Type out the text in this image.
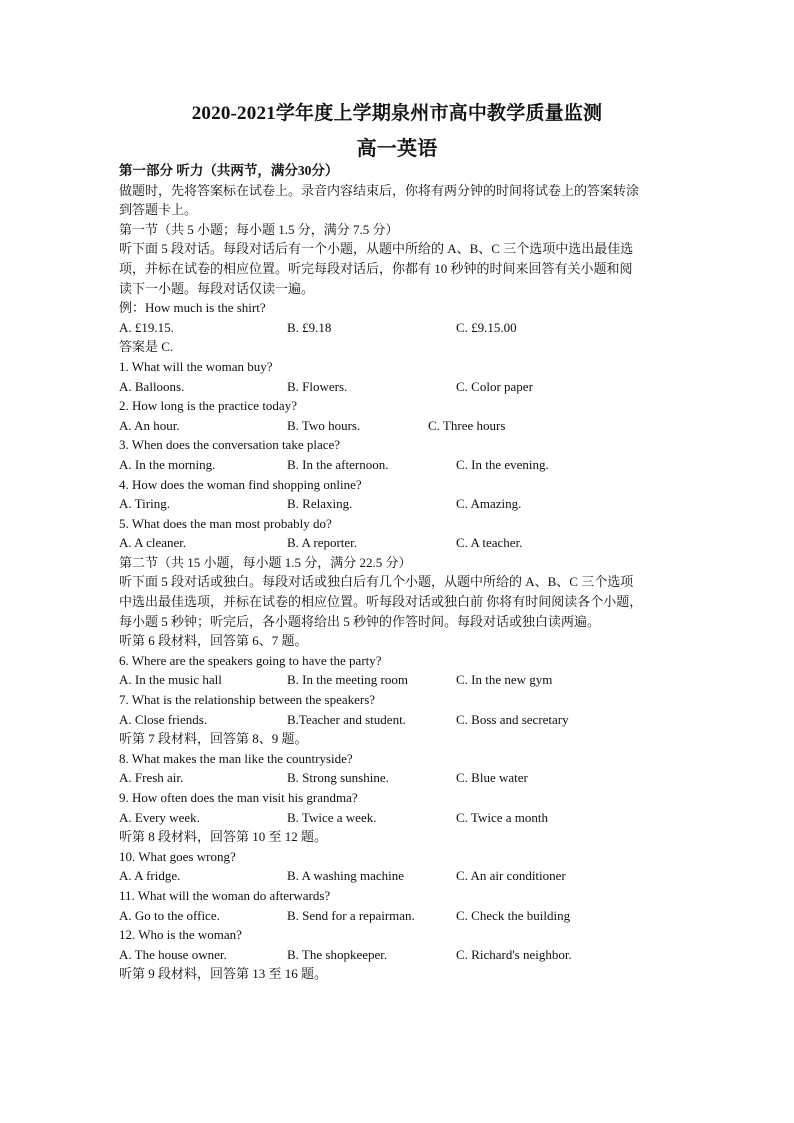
2020-2021学年度上学期泉州市高中教学质量监测
高一英语
第一部分 听力（共两节，满分30分）
做题时，先将答案标在试卷上。录音内容结束后，你将有两分钟的时间将试卷上的答案转涂
到答题卡上。
第一节（共 5 小题；每小题 1.5 分，满分 7.5 分）
听下面 5 段对话。每段对话后有一个小题，从题中所给的 A、B、C 三个选项中选出最佳选
项，并标在试卷的相应位置。听完每段对话后，你都有 10 秒钟的时间来回答有关小题和阅
读下一小题。每段对话仅读一遍。
例：How much is the shirt?
A. £19.15.	B. £9.18	C. £9.15.00
答案是 C.
1. What will the woman buy?
A. Balloons.	B. Flowers.	C. Color paper
2. How long is the practice today?
A. An hour.	B. Two hours.	C. Three hours
3. When does the conversation take place?
A. In the morning.	B. In the afternoon.	C. In the evening.
4. How does the woman find shopping online?
A. Tiring.	B. Relaxing.	C. Amazing.
5. What does the man most probably do?
A. A cleaner.	B. A reporter.	C. A teacher.
第二节（共 15 小题，每小题 1.5 分，满分 22.5 分）
听下面 5 段对话或独白。每段对话或独白后有几个小题，从题中所给的 A、B、C 三个选项
中选出最佳选项，并标在试卷的相应位置。听每段对话或独白前 你将有时间阅读各个小题，
每小题 5 秒钟；听完后，各小题将给出 5 秒钟的作答时间。每段对话或独白读两遍。
听第 6 段材料，回答第 6、7 题。
6. Where are the speakers going to have the party?
A. In the music hall	B. In the meeting room	C. In the new gym
7. What is the relationship between the speakers?
A. Close friends.	B.Teacher and student.	C. Boss and secretary
听第 7 段材料，回答第 8、9 题。
8. What makes the man like the countryside?
A. Fresh air.	B. Strong sunshine.	C. Blue water
9. How often does the man visit his grandma?
A. Every week.	B. Twice a week.	C. Twice a month
听第 8 段材料，回答第 10 至 12 题。
10. What goes wrong?
A. A fridge.	B. A washing machine	C. An air conditioner
11. What will the woman do afterwards?
A. Go to the office.	B. Send for a repairman.	C. Check the building
12. Who is the woman?
A. The house owner.	B. The shopkeeper.	C. Richard's neighbor.
听第 9 段材料，回答第 13 至 16 题。
